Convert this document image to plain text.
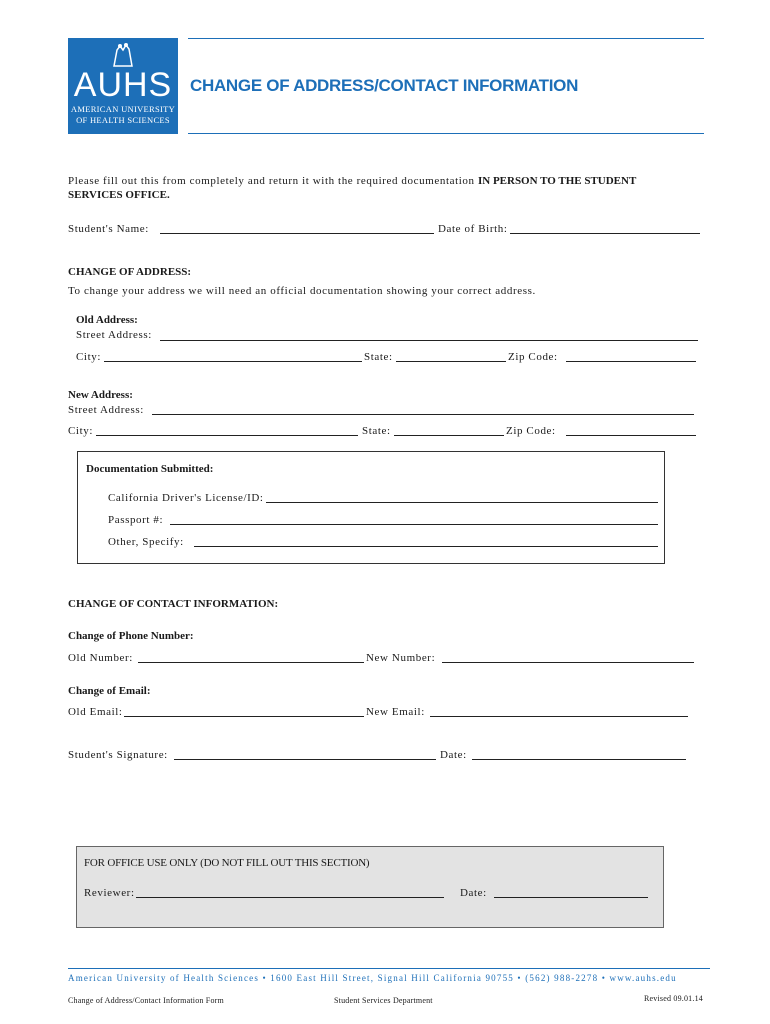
AUHS
AMERICAN UNIVERSITY
OF HEALTH SCIENCES
CHANGE OF ADDRESS/CONTACT INFORMATION
Please fill out this from completely and return it with the required documentation IN PERSON TO THE STUDENT
SERVICES OFFICE.
Student's Name:	Date of Birth:
CHANGE OF ADDRESS:
To change your address we will need an official documentation showing your correct address.
Old Address:
Street Address:
City:	State:	Zip Code:
New Address:
Street Address:
City:	State:	Zip Code:
Documentation Submitted:
California Driver's License/ID:
Passport #:
Other, Specify:
CHANGE OF CONTACT INFORMATION:
Change of Phone Number:
Old Number:	New Number:
Change of Email:
Old Email:	New Email:
Student's Signature:	Date:
FOR OFFICE USE ONLY (DO NOT FILL OUT THIS SECTION)
Reviewer:	Date:
American University of Health Sciences • 1600 East Hill Street, Signal Hill California 90755 • (562) 988-2278 • www.auhs.edu
Change of Address/Contact Information Form	Student Services Department	Revised 09.01.14
